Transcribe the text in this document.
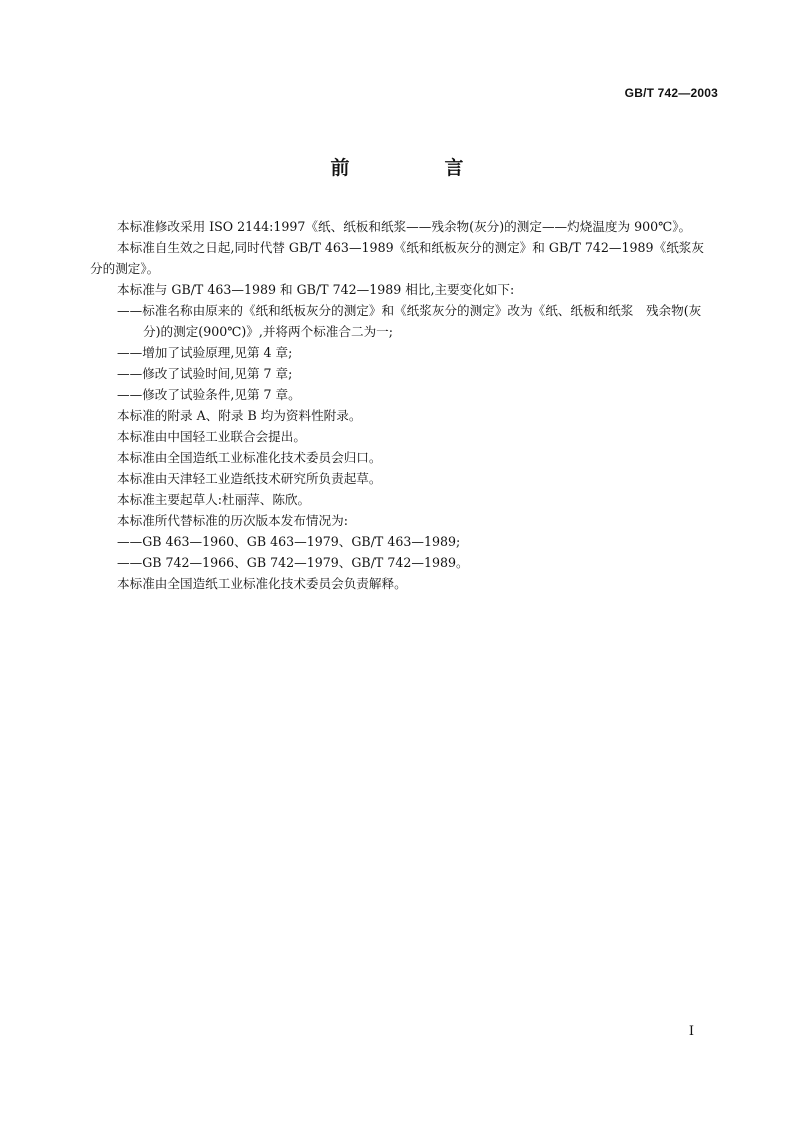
GB/T 742—2003
前　言

本标准修改采用 ISO 2144:1997《纸、纸板和纸浆——残余物(灰分)的测定——灼烧温度为 900℃》。

本标准自生效之日起,同时代替 GB/T 463—1989《纸和纸板灰分的测定》和 GB/T 742—1989《纸浆灰分的测定》。

本标准与 GB/T 463—1989 和 GB/T 742—1989 相比,主要变化如下:

——标准名称由原来的《纸和纸板灰分的测定》和《纸浆灰分的测定》改为《纸、纸板和纸浆　残余物(灰分)的测定(900℃)》,并将两个标准合二为一;

——增加了试验原理,见第 4 章;

——修改了试验时间,见第 7 章;

——修改了试验条件,见第 7 章。

本标准的附录 A、附录 B 均为资料性附录。

本标准由中国轻工业联合会提出。

本标准由全国造纸工业标准化技术委员会归口。

本标准由天津轻工业造纸技术研究所负责起草。

本标准主要起草人:杜丽萍、陈欣。

本标准所代替标准的历次版本发布情况为:

——GB 463—1960、GB 463—1979、GB/T 463—1989;

——GB 742—1966、GB 742—1979、GB/T 742—1989。

本标准由全国造纸工业标准化技术委员会负责解释。

I
